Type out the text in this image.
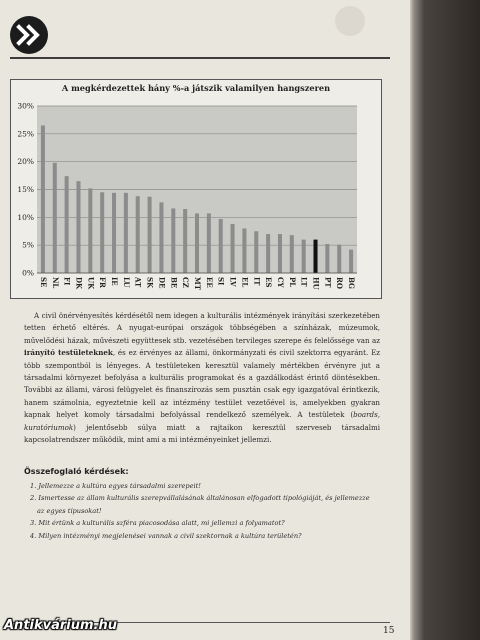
A megkérdezettek hány %-a játszik valamilyen hangszeren
0%
5%
10%
15%
20%
25%
30%
SE NL FI DK UK FR IE LU AT SK DE BE CZ MT EE SI LV EL IT ES CY PL LT HU PT RO BG

A civil önérvényesítés kérdésétől nem idegen a kulturális intézmények irányítási szerkezetében tetten érhető eltérés. A nyugat-európai országok többségében a színházak, múzeumok, művelődési házak, művészeti együttesek stb. vezetésében tervileges szerepe és felelőssége van az irányító testületeknek, és ez érvényes az állami, önkormányzati és civil szektorra egyaránt. Ez több szempontból is lényeges. A testületeken keresztül valamely mértékben érvényre jut a társadalmi környezet befolyása a kulturális programokat és a gazdálkodást érintő döntésekben. További az állami, városi felügyelet és finanszírozás sem pusztán csak egy igazgatóval érintkezik, hanem számolnia, egyeztetnie kell az intézmény testület vezetőével is, amelyekben gyakran kapnak helyet komoly társadalmi befolyással rendelkező személyek. A testületek (boards, kuratóriumok) jelentősebb súlya miatt a rajtaikon keresztül szerveseb társadalmi kapcsolatrendszer működik, mint ami a mi intézményeinket jellemzi.

Összefoglaló kérdések:

1. Jellemezze a kultúra egyes társadalmi szerepeit!

2. Ismertesse az állam kulturális szerepvállalásának általánosan elfogadott tipológiáját, és jellemezze

az egyes típusokat!

3. Mit értünk a kulturális szféra piacosodása alatt, mi jellemzi a folyamatot?

4. Milyen intézményi megjelenései vannak a civil szektornak a kultúra területén?

15
Antikvárium.hu
